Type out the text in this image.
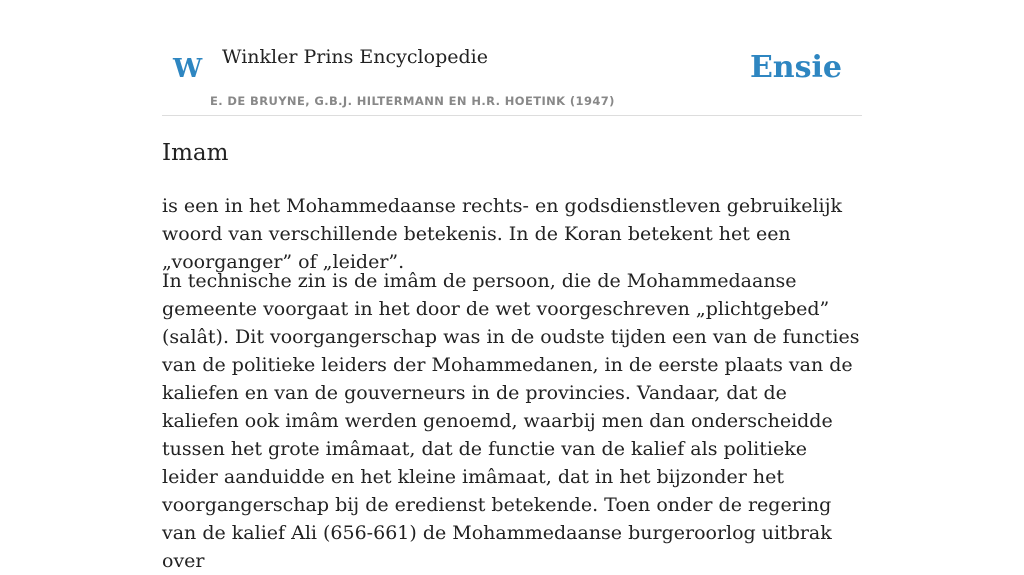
W Winkler Prins Encyclopedie
E. DE BRUYNE, G.B.J. HILTERMANN EN H.R. HOETINK (1947)
Ensie
Imam

is een in het Mohammedaanse rechts- en godsdienstleven gebruikelijk woord van verschillende betekenis. In de Koran betekent het een „voorganger” of „leider”.

In technische zin is de imâm de persoon, die de Mohammedaanse gemeente voorgaat in het door de wet voorgeschreven „plichtgebed” (salât). Dit voorgangerschap was in de oudste tijden een van de functies van de politieke leiders der Mohammedanen, in de eerste plaats van de kaliefen en van de gouverneurs in de provincies. Vandaar, dat de kaliefen ook imâm werden genoemd, waarbij men dan onderscheidde tussen het grote imâmaat, dat de functie van de kalief als politieke leider aanduidde en het kleine imâmaat, dat in het bijzonder het voorgangerschap bij de eredienst betekende. Toen onder de regering van de kalief Ali (656-661) de Mohammedaanse burgeroorlog uitbrak over
